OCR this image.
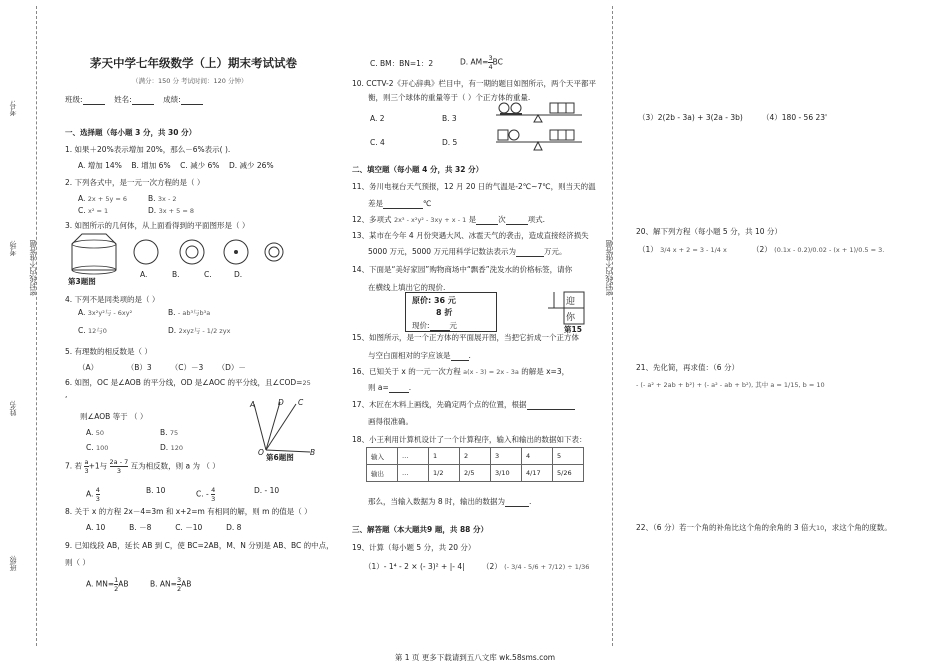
考号:
考场:
姓名:
班级:
密封线内不准答题	密封线内不准答题
茅天中学七年级数学（上）期末考试试卷
（满分：150 分 考试时间：120 分钟）
班级:	姓名:	成绩:
一、选择题（每小题 3 分，共 30 分）
1. 如果＋20%表示增加 20%，那么－6%表示( ).
A. 增加 14% B. 增加 6% C. 减少 6% D. 减少 26%
2. 下列各式中，是一元一次方程的是（ ）
A. 2x + 5y = 6	B. 3x - 2
C. x² = 1	D. 3x + 5 = 8
3. 如图所示的几何体，从上面看得到的平面图形是（ ）
第3题图
A.	B.	C.	D.
4. 下列不是同类项的是（ ）
A. 3x²y²与 - 6xy²	B. - ab³与b³a
C. 12与0	D. 2xyz与 - 1/2 zyx
5. 有理数的相反数是（ ）
（A）	（B）3	（C）－3 （D）－
6. 如图，OC 是∠AOB 的平分线，OD 是∠AOC 的平分线，且∠COD=25
,
则∠AOB 等于 （ ）
A. 50	B. 75
C. 100	D. 120
A	D C
O	B
第6题图
7. 若 $\frac{a}{3} +1$与 $\frac{2a - 7}{3}$ 互为相反数，则 a 为 （ ）
A. $\frac{4}{3}$	B. 10	C. - $\frac{4}{3}$	D. - 10
8. 关于 x 的方程 2x－4=3m 和 x+2=m 有相同的解，则 m 的值是（ ）
A. 10	B. －8	C. －10	D. 8
9. 已知线段 AB，延长 AB 到 C，使 BC=2AB，M、N 分别是 AB、BC 的中点，
则（ ）
A. $MN= \frac{1}{2}$ AB	B. $AN= \frac{3}{2}$ AB
C. BM：BN=1：2	D. $AM= \frac{3}{4}$ BC
10. CCTV-2《开心辞典》栏目中，有一期的题目如图所示，两个天平都平
衡，则三个球体的重量等于（ ）个正方体的重量.
A. 2	B. 3
C. 4	D. 5
二、填空题（每小题 4 分，共 32 分）
11、务川电视台天气预报，12 月 20 日的气温是-2℃~7℃，则当天的温
差是	℃
12、多项式 2x³ - x²y² - 3xy + x - 1 是	次	项式.
13、某市在今年 4 月份突遇大风、冰雹天气的袭击，造成直接经济损失
5000 万元，5000 万元用科学记数法表示为	万元。
14、下面是“美好家园”购物商场中“飘香”洗发水的价格标签，请你
在横线上填出它的现价.
原价: 36 元
8 折
现价:	元
迎
你
第15
15、如图所示，是一个正方体的平面展开图，当把它折成一个正方体
与空白面相对的字应该是 .
16、已知关于 x 的一元一次方程 a(x - 3) = 2x - 3a 的解是 x=3，
则 a=	.
17、木匠在木料上画线，先确定两个点的位置，根据
画得很准确。
18、小王利用计算机设计了一个计算程序，输入和输出的数据如下表：
输入	…	1	2	3	4	5
输出	…	1/2	2/5	3/10	4/17	5/26
那么，当输入数据为 8 时，输出的数据为	.
三、解答题（本大题共9 题，共 88 分）
19、计算（每小题 5 分，共 20 分）
（1）- 1⁴ - 2 × (- 3)² + |- 4| （2） (- 3/4 - 5/6 + 7/12) ÷ 1/36
（3）2(2b - 3a) + 3(2a - 3b)	（4）180 - 56 23'
20、解下列方程（每小题 5 分，共 10 分）
（1） 3/4 x + 2 = 3 - 1/4 x	（2） (0.1x - 0.2)/0.02 - (x + 1)/0.5 = 3.
21、先化简，再求值：（6 分）
- (- a² + 2ab + b²) + (- a² - ab + b²), 其中 a = 1/15, b = 10
22、（6 分）若一个角的补角比这个角的余角的 3 倍大10，求这个角的度数。
第 1 页 更多下载请到五八文库 wk.58sms.com
